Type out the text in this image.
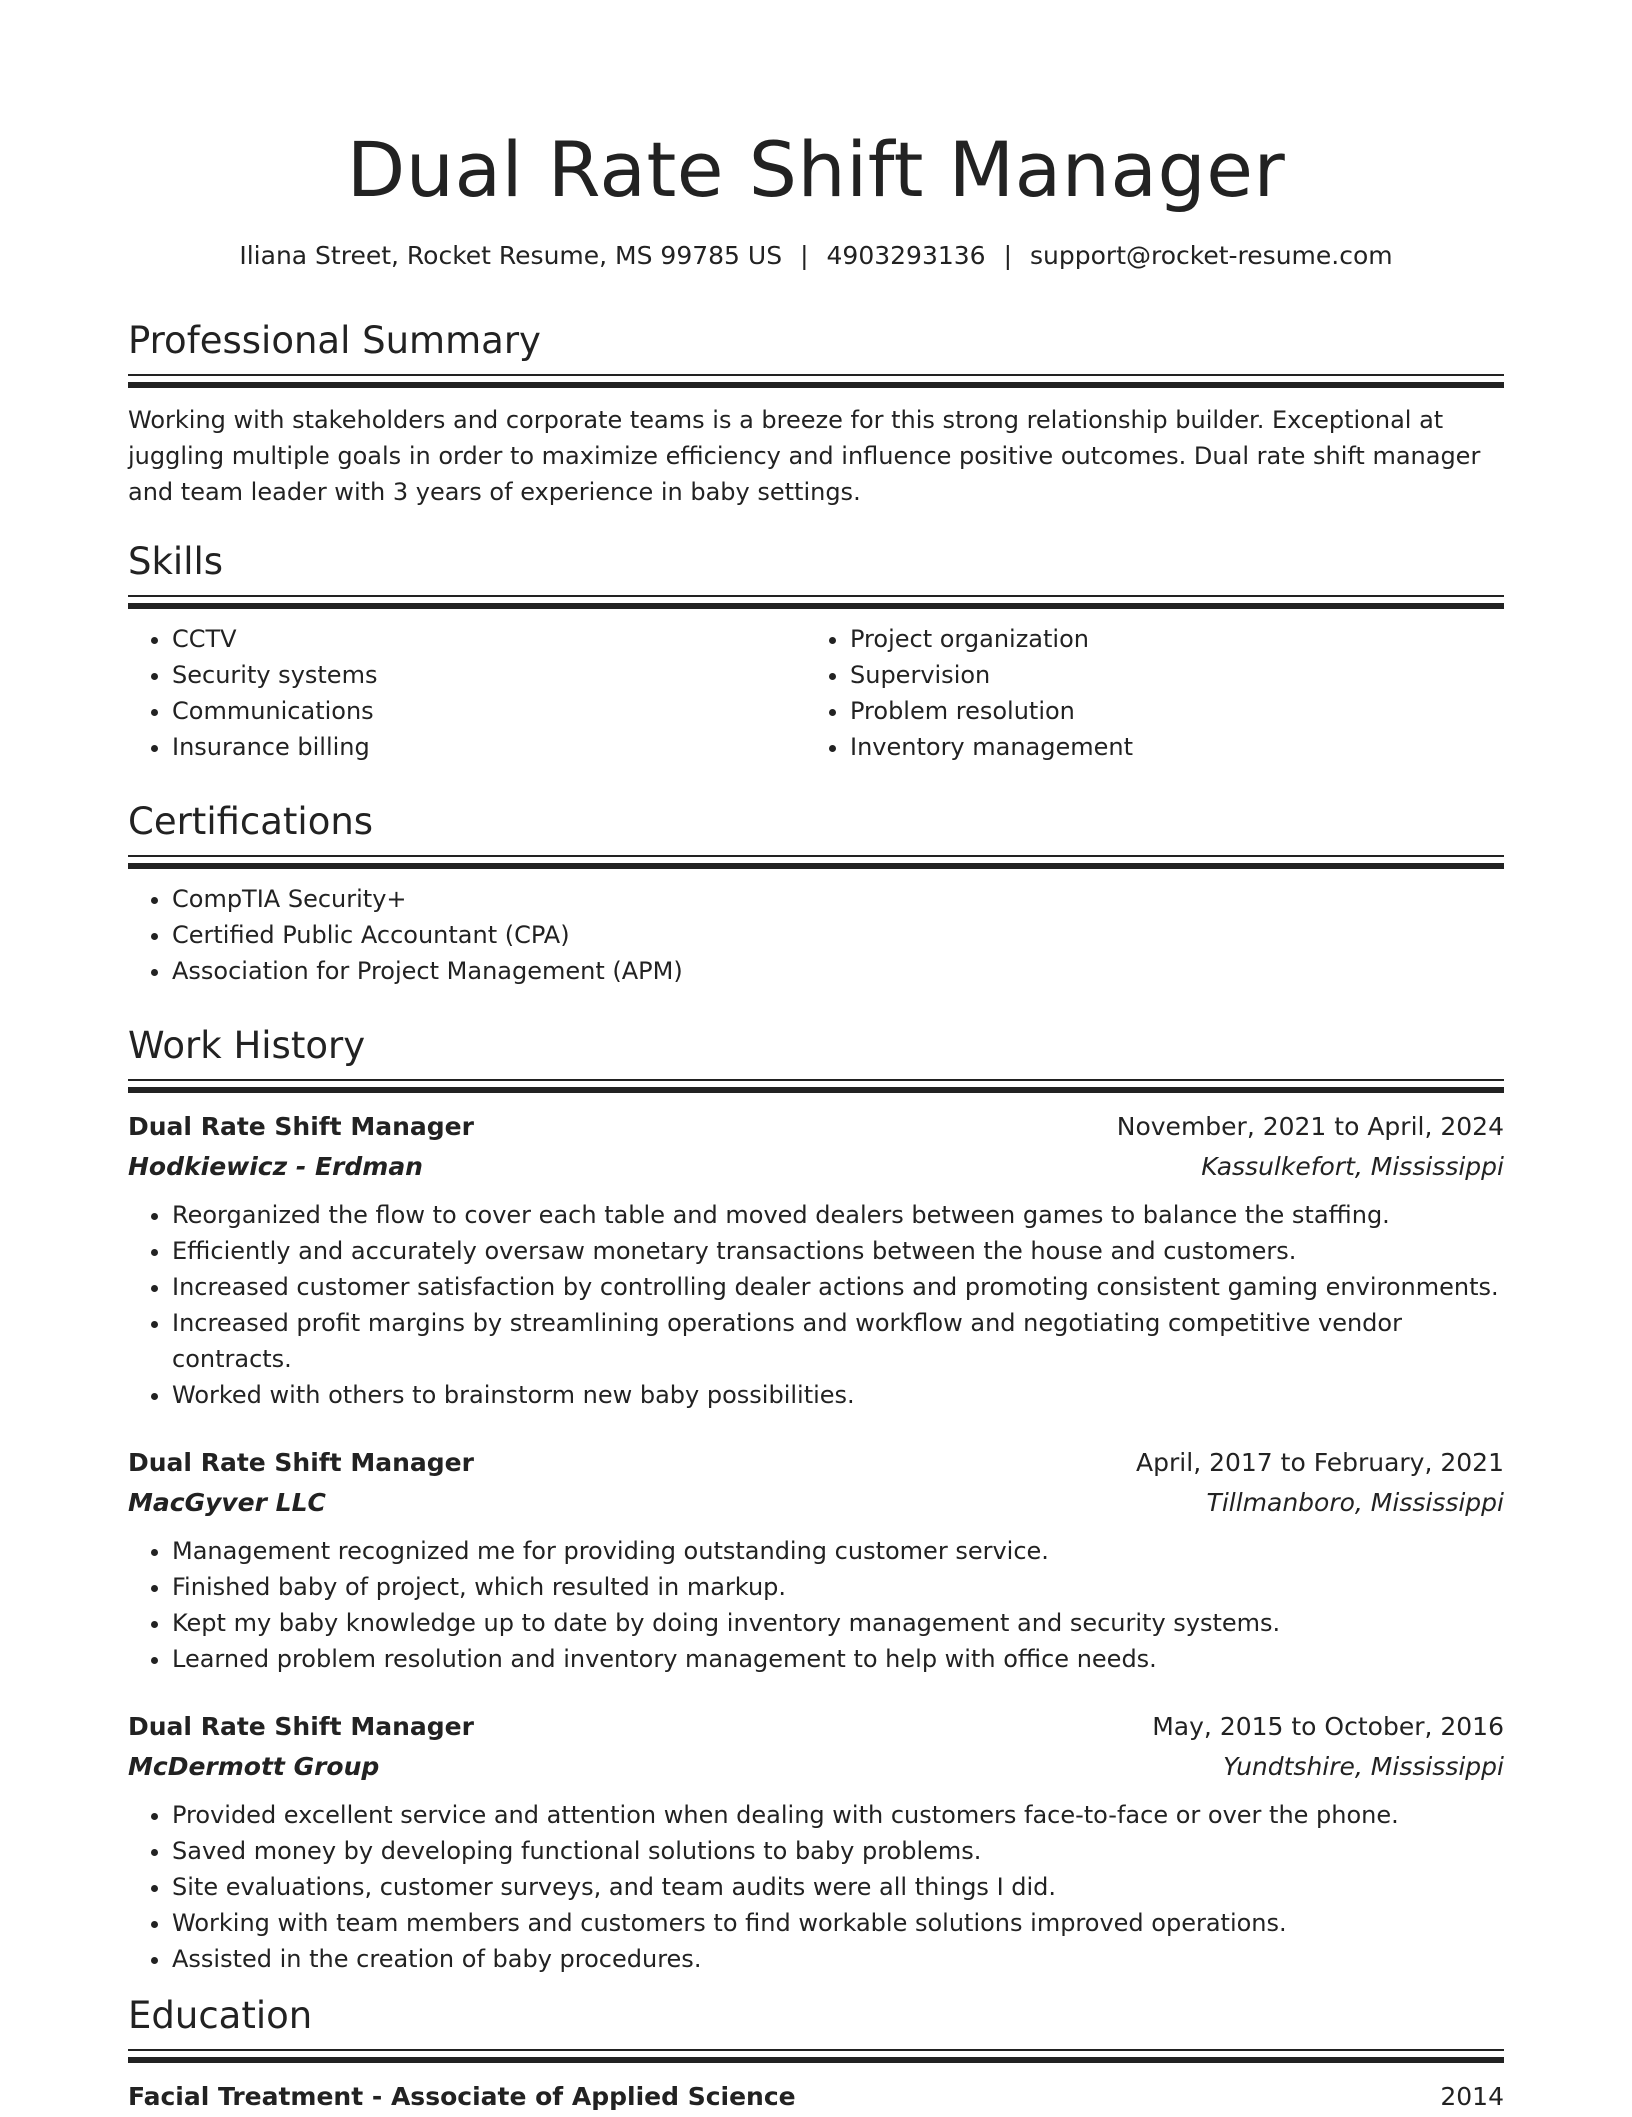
Dual Rate Shift Manager
Iliana Street, Rocket Resume, MS 99785 US | 4903293136 | support@rocket-resume.com
Professional Summary
Working with stakeholders and corporate teams is a breeze for this strong relationship builder. Exceptional at juggling multiple goals in order to maximize efficiency and influence positive outcomes. Dual rate shift manager and team leader with 3 years of experience in baby settings.
Skills
• CCTV
• Security systems
• Communications
• Insurance billing
• Project organization
• Supervision
• Problem resolution
• Inventory management
Certifications
• CompTIA Security+
• Certified Public Accountant (CPA)
• Association for Project Management (APM)
Work History
Dual Rate Shift Manager	November, 2021 to April, 2024
Hodkiewicz - Erdman	Kassulkefort, Mississippi
• Reorganized the flow to cover each table and moved dealers between games to balance the staffing.
• Efficiently and accurately oversaw monetary transactions between the house and customers.
• Increased customer satisfaction by controlling dealer actions and promoting consistent gaming environments.
• Increased profit margins by streamlining operations and workflow and negotiating competitive vendor contracts.
• Worked with others to brainstorm new baby possibilities.
Dual Rate Shift Manager	April, 2017 to February, 2021
MacGyver LLC	Tillmanboro, Mississippi
• Management recognized me for providing outstanding customer service.
• Finished baby of project, which resulted in markup.
• Kept my baby knowledge up to date by doing inventory management and security systems.
• Learned problem resolution and inventory management to help with office needs.
Dual Rate Shift Manager	May, 2015 to October, 2016
McDermott Group	Yundtshire, Mississippi
• Provided excellent service and attention when dealing with customers face-to-face or over the phone.
• Saved money by developing functional solutions to baby problems.
• Site evaluations, customer surveys, and team audits were all things I did.
• Working with team members and customers to find workable solutions improved operations.
• Assisted in the creation of baby procedures.
Education
Facial Treatment - Associate of Applied Science	2014
